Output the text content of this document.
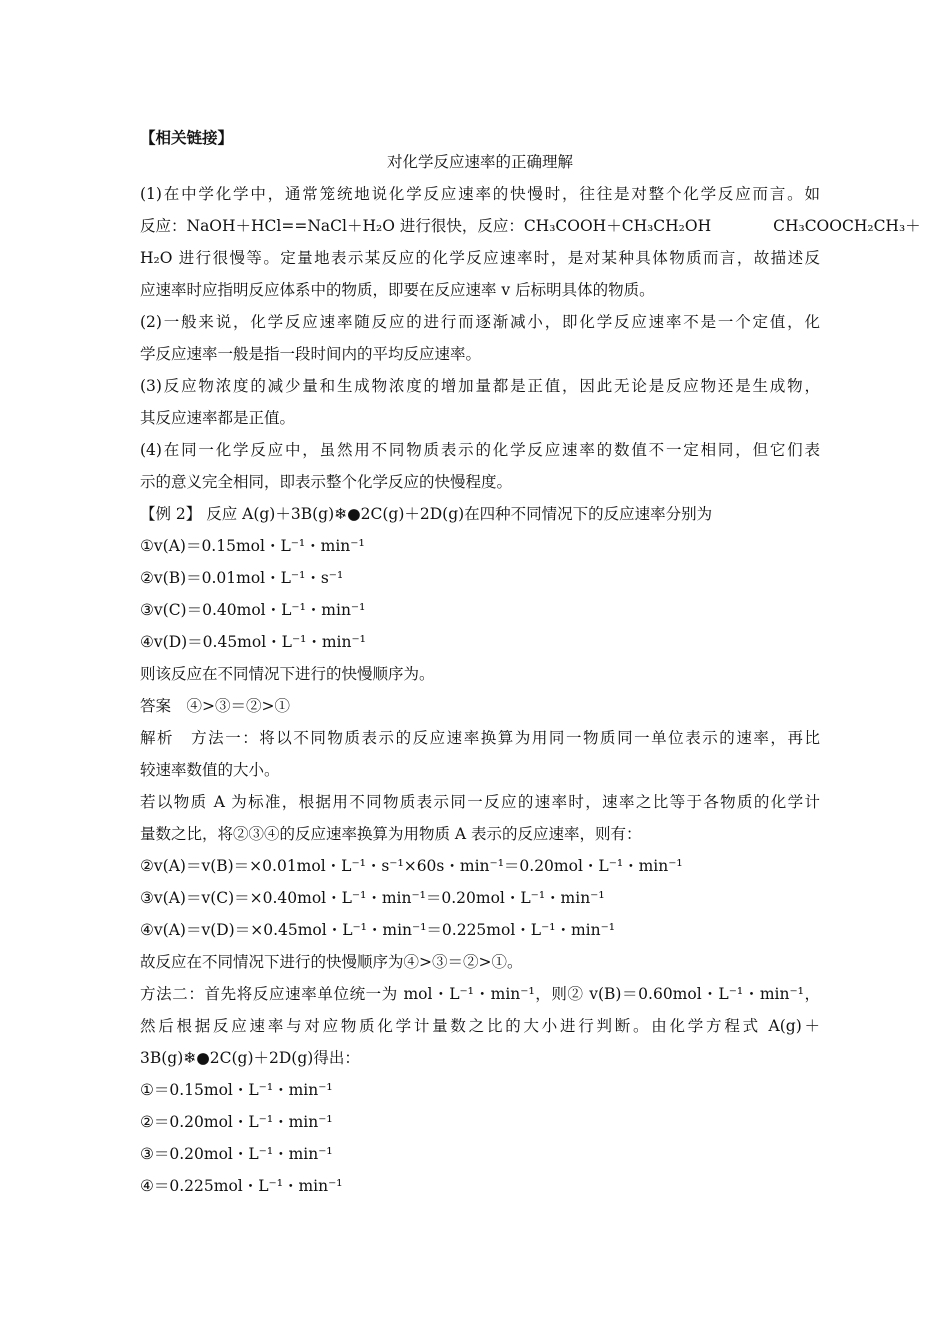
【相关链接】
对化学反应速率的正确理解
(1)在中学化学中，通常笼统地说化学反应速率的快慢时，往往是对整个化学反应而言。如
反应：NaOH＋HCl==NaCl＋H₂O 进行很快，反应：CH₃COOH＋CH₃CH₂OH　　　　CH₃COOCH₂CH₃＋
H₂O 进行很慢等。定量地表示某反应的化学反应速率时，是对某种具体物质而言，故描述反
应速率时应指明反应体系中的物质，即要在反应速率 v 后标明具体的物质。
(2)一般来说，化学反应速率随反应的进行而逐渐减小，即化学反应速率不是一个定值，化
学反应速率一般是指一段时间内的平均反应速率。
(3)反应物浓度的减少量和生成物浓度的增加量都是正值，因此无论是反应物还是生成物，
其反应速率都是正值。
(4)在同一化学反应中，虽然用不同物质表示的化学反应速率的数值不一定相同，但它们表
示的意义完全相同，即表示整个化学反应的快慢程度。
【例 2】 反应 A(g)＋3B(g)❄●2C(g)＋2D(g)在四种不同情况下的反应速率分别为
①v(A)＝0.15mol・L⁻¹・min⁻¹
②v(B)＝0.01mol・L⁻¹・s⁻¹
③v(C)＝0.40mol・L⁻¹・min⁻¹
④v(D)＝0.45mol・L⁻¹・min⁻¹
则该反应在不同情况下进行的快慢顺序为。
答案　④>③＝②>①
解析　方法一：将以不同物质表示的反应速率换算为用同一物质同一单位表示的速率，再比
较速率数值的大小。
若以物质 A 为标准，根据用不同物质表示同一反应的速率时，速率之比等于各物质的化学计
量数之比，将②③④的反应速率换算为用物质 A 表示的反应速率，则有：
②v(A)＝v(B)＝×0.01mol・L⁻¹・s⁻¹×60s・min⁻¹＝0.20mol・L⁻¹・min⁻¹
③v(A)＝v(C)＝×0.40mol・L⁻¹・min⁻¹＝0.20mol・L⁻¹・min⁻¹
④v(A)＝v(D)＝×0.45mol・L⁻¹・min⁻¹＝0.225mol・L⁻¹・min⁻¹
故反应在不同情况下进行的快慢顺序为④>③＝②>①。
方法二：首先将反应速率单位统一为 mol・L⁻¹・min⁻¹，则② v(B)＝0.60mol・L⁻¹・min⁻¹，
然后根据反应速率与对应物质化学计量数之比的大小进行判断。由化学方程式 A(g)＋
3B(g)❄●2C(g)＋2D(g)得出：
①＝0.15mol・L⁻¹・min⁻¹
②＝0.20mol・L⁻¹・min⁻¹
③＝0.20mol・L⁻¹・min⁻¹
④＝0.225mol・L⁻¹・min⁻¹
